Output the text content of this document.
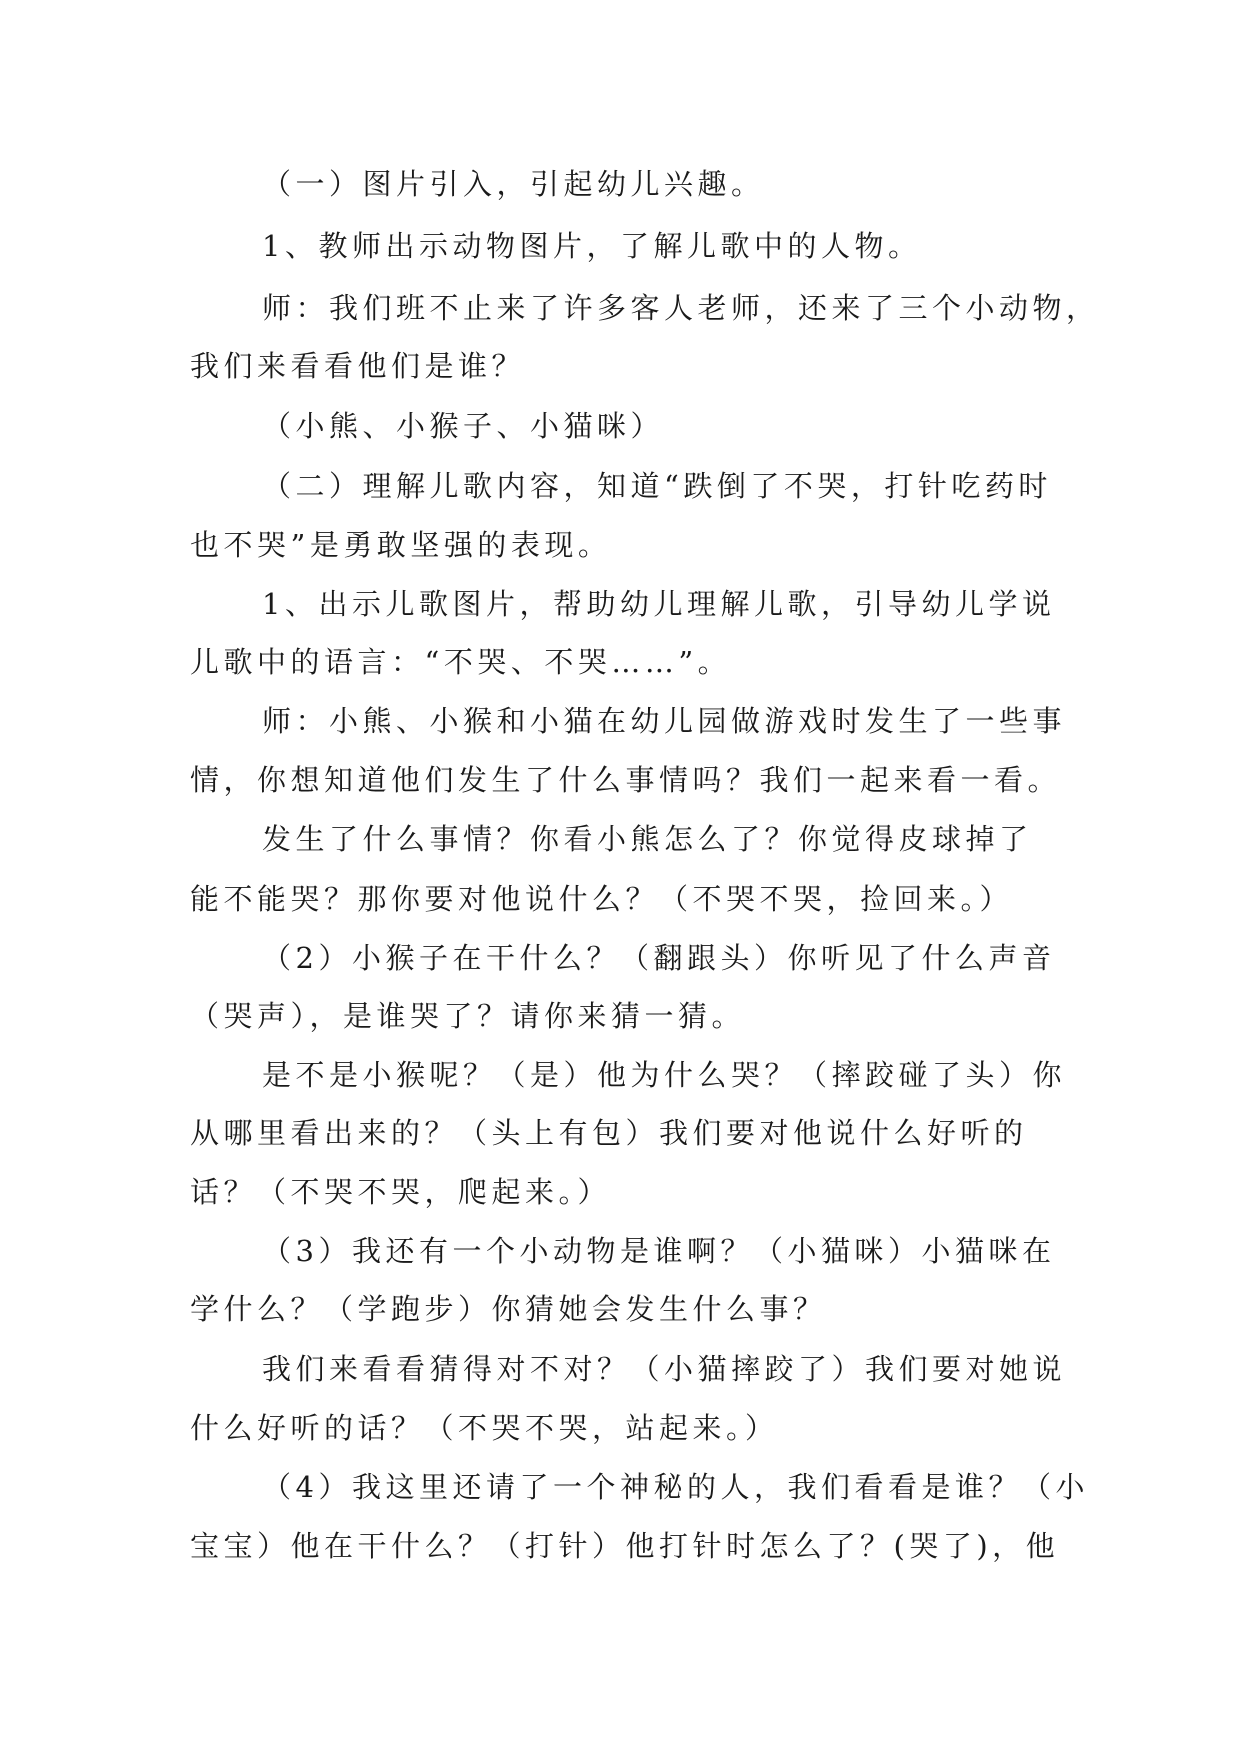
（一）图片引入，引起幼儿兴趣。
1、教师出示动物图片，了解儿歌中的人物。
师：我们班不止来了许多客人老师，还来了三个小动物，
我们来看看他们是谁？
（小熊、小猴子、小猫咪）
（二）理解儿歌内容，知道“跌倒了不哭，打针吃药时
也不哭”是勇敢坚强的表现。
1、出示儿歌图片，帮助幼儿理解儿歌，引导幼儿学说
儿歌中的语言：“不哭、不哭……”。
师：小熊、小猴和小猫在幼儿园做游戏时发生了一些事
情，你想知道他们发生了什么事情吗？我们一起来看一看。
发生了什么事情？你看小熊怎么了？你觉得皮球掉了
能不能哭？那你要对他说什么？（不哭不哭，捡回来。）
（2）小猴子在干什么？（翻跟头）你听见了什么声音
（哭声），是谁哭了？请你来猜一猜。
是不是小猴呢？（是）他为什么哭？（摔跤碰了头）你
从哪里看出来的？（头上有包）我们要对他说什么好听的
话？（不哭不哭，爬起来。）
（3）我还有一个小动物是谁啊？（小猫咪）小猫咪在
学什么？（学跑步）你猜她会发生什么事？
我们来看看猜得对不对？（小猫摔跤了）我们要对她说
什么好听的话？（不哭不哭，站起来。）
（4）我这里还请了一个神秘的人，我们看看是谁？（小
宝宝）他在干什么？（打针）他打针时怎么了？(哭了)，他
